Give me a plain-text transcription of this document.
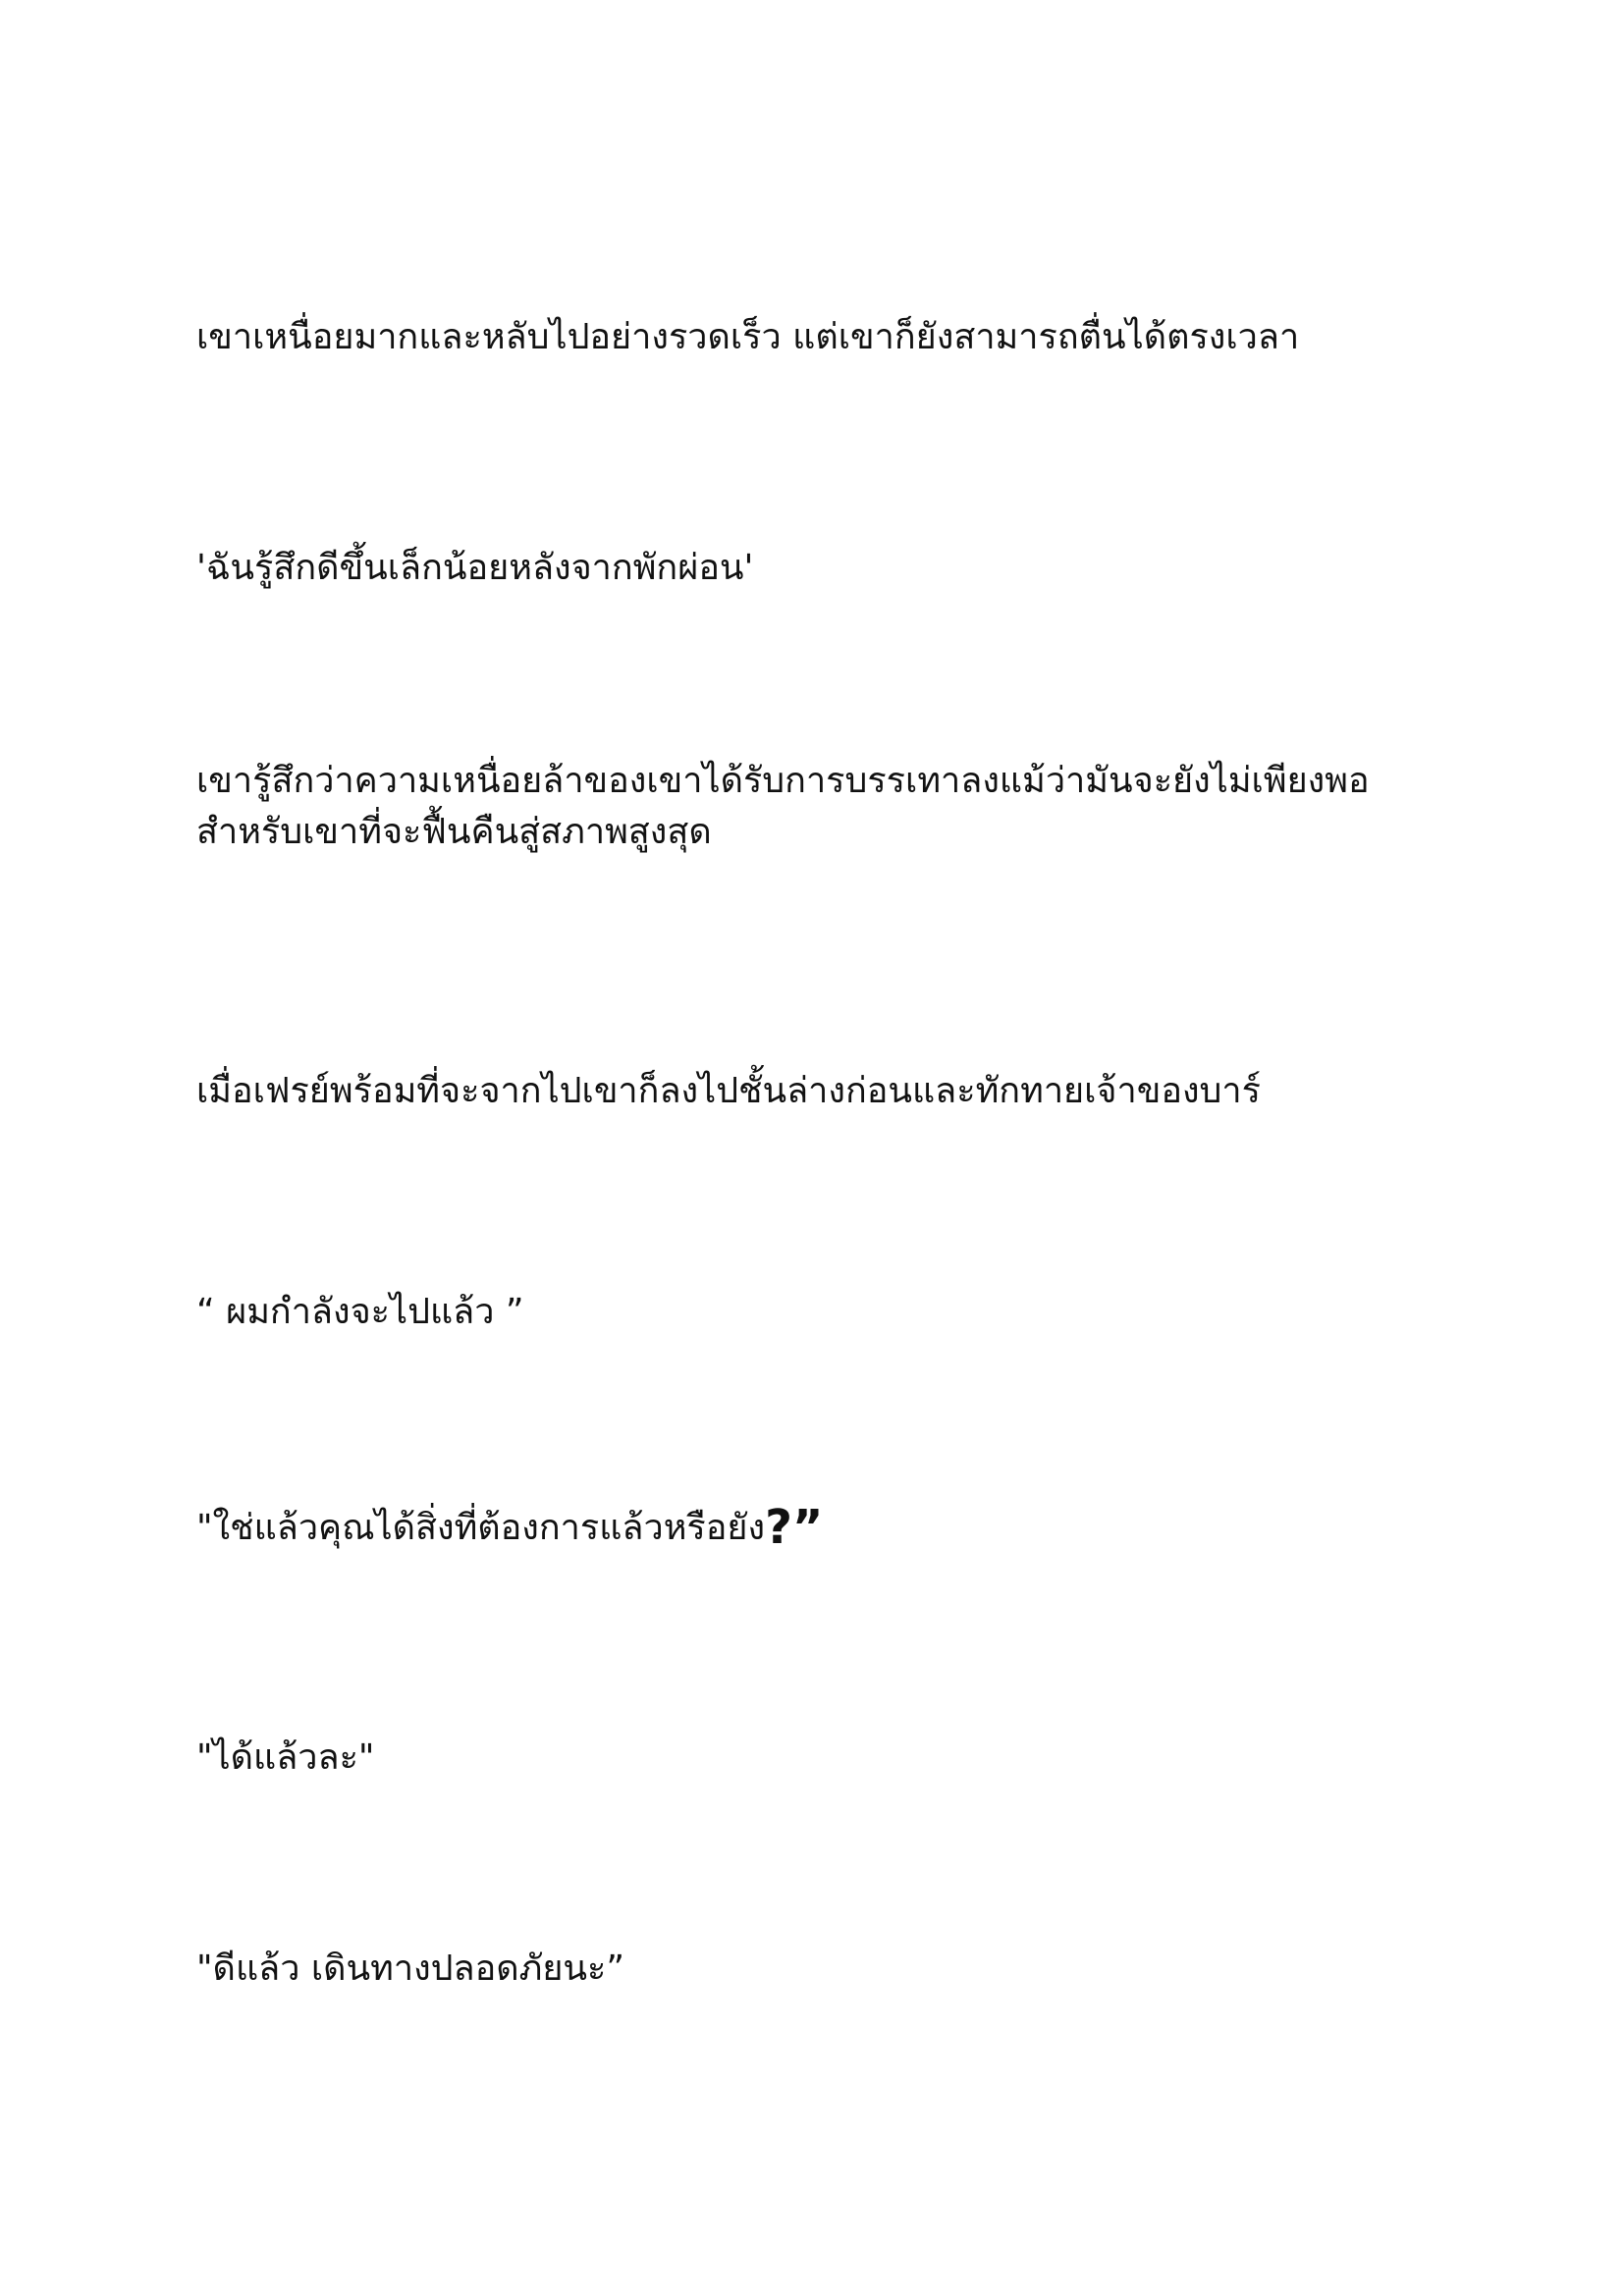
เขาเหนื่อยมากและหลับไปอย่างรวดเร็ว แต่เขาก็ยังสามารถตื่นได้ตรงเวลา

'ฉันรู้สึกดีขึ้นเล็กน้อยหลังจากพักผ่อน'

เขารู้สึกว่าความเหนื่อยล้าของเขาได้รับการบรรเทาลงแม้ว่ามันจะยังไม่เพียงพอ
สำหรับเขาที่จะฟื้นคืนสู่สภาพสูงสุด

เมื่อเฟรย์พร้อมที่จะจากไปเขาก็ลงไปชั้นล่างก่อนและทักทายเจ้าของบาร์

“ ผมกำลังจะไปแล้ว ”

"ใช่แล้วคุณได้สิ่งที่ต้องการแล้วหรือยัง?”

"ได้แล้วละ"

"ดีแล้ว เดินทางปลอดภัยนะ”
